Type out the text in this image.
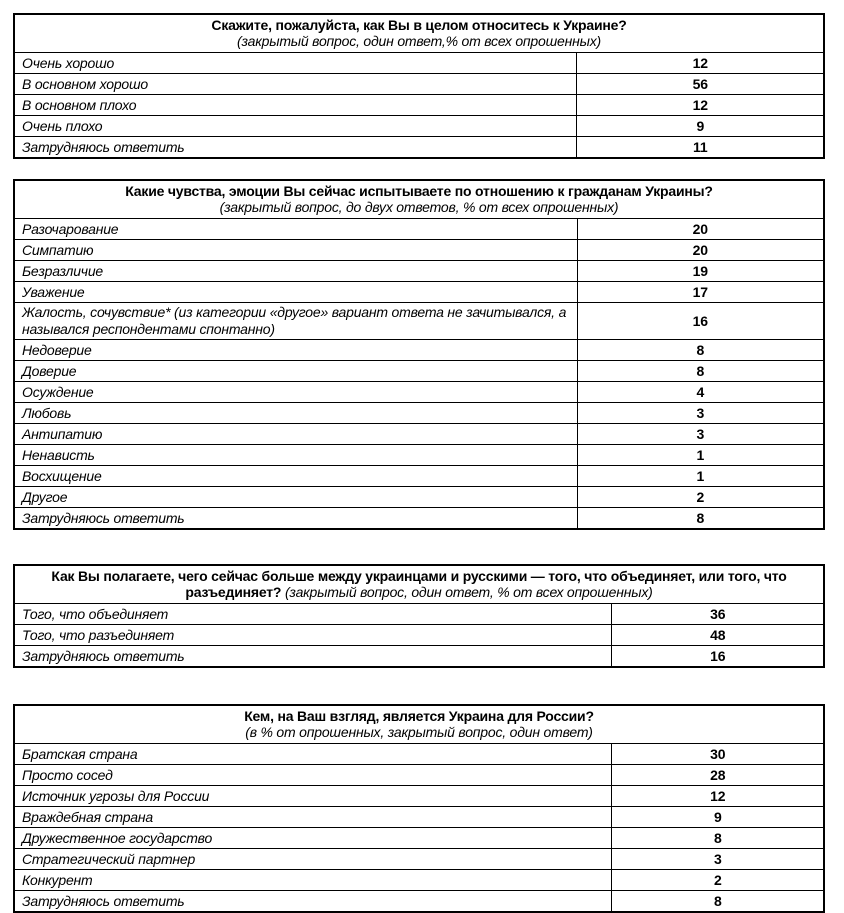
Скажите, пожалуйста, как Вы в целом относитесь к Украине?
(закрытый вопрос, один ответ,% от всех опрошенных)	

Очень хорошо	12
В основном хорошо	56
В основном плохо	12
Очень плохо	9
Затрудняюсь ответить	11
Какие чувства, эмоции Вы сейчас испытываете по отношению к гражданам Украины?
(закрытый вопрос, до двух ответов, % от всех опрошенных)	

Разочарование	20
Симпатию	20
Безразличие	19
Уважение	17
Жалость, сочувствие* (из категории «другое» вариант ответа не зачитывался, а назывался респондентами спонтанно)	16
Недоверие	8
Доверие	8
Осуждение	4
Любовь	3
Антипатию	3
Ненависть	1
Восхищение	1
Другое	2
Затрудняюсь ответить	8
Как Вы полагаете, чего сейчас больше между украинцами и русскими — того, что объединяет, или того, что разъединяет? (закрытый вопрос, один ответ, % от всех опрошенных)	
Того, что объединяет	36
Того, что разъединяет	48
Затрудняюсь ответить	16
Кем, на Ваш взгляд, является Украина для России?
(в % от опрошенных, закрытый вопрос, один ответ)	

Братская страна	30
Просто сосед	28
Источник угрозы для России	12
Враждебная страна	9
Дружественное государство	8
Стратегический партнер	3
Конкурент	2
Затрудняюсь ответить	8
